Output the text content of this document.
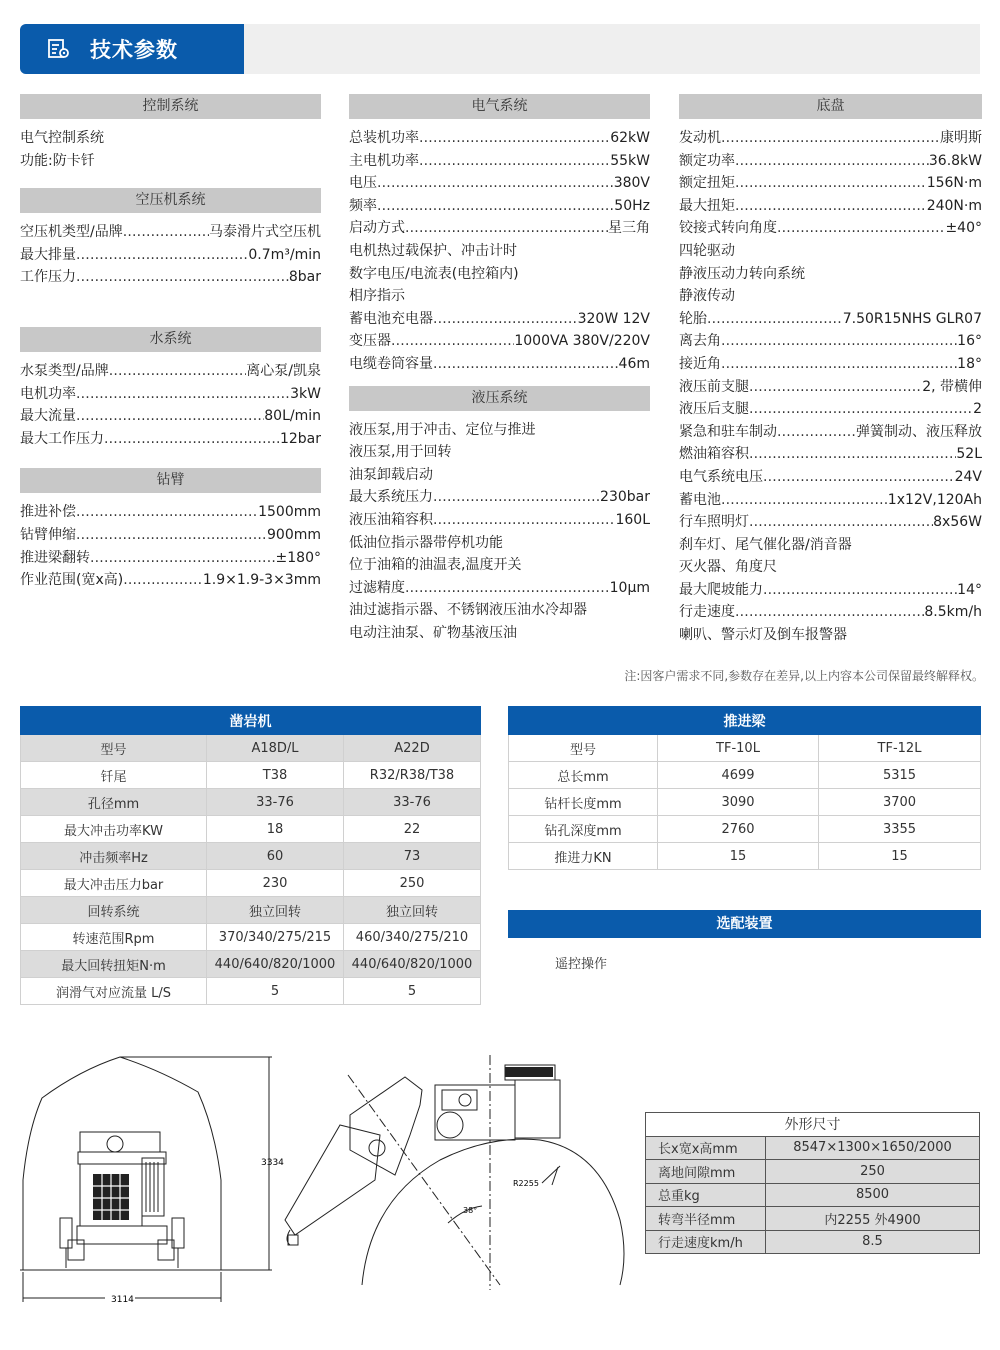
技术参数
控制系统
电气控制系统
功能:防卡钎
空压机系统
空压机类型/品牌 .....	马泰滑片式空压机
最大排量 .....	0.7m³/min
工作压力 .....	8bar
水系统
水泵类型/品牌 .....	离心泵/凯泉
电机功率 .....	3kW
最大流量 .....	80L/min
最大工作压力 .....	12bar
钻臂
推进补偿 .....	1500mm
钻臂伸缩 .....	900mm
推进梁翻转 .....	±180°
作业范围(宽x高) .....	1.9×1.9-3×3mm
电气系统
总装机功率 .....	62kW
主电机功率 .....	55kW
电压 .....	380V
频率 .....	50Hz
启动方式 .....	星三角
电机热过载保护、冲击计时
数字电压/电流表(电控箱内)
相序指示
蓄电池充电器 .....	320W 12V
变压器 .....	1000VA 380V/220V
电缆卷筒容量 .....	46m
液压系统
液压泵,用于冲击、定位与推进
液压泵,用于回转
油泵卸载启动
最大系统压力 .....	230bar
液压油箱容积 .....	160L
低油位指示器带停机功能
位于油箱的油温表,温度开关
过滤精度 .....	10μm
油过滤指示器、不锈钢液压油水冷却器
电动注油泵、矿物基液压油
底盘
发动机 .....	康明斯
额定功率 .....	36.8kW
额定扭矩 .....	156N·m
最大扭矩 .....	240N·m
铰接式转向角度 .....	±40°
四轮驱动
静液压动力转向系统
静液传动
轮胎 .....	7.50R15NHS GLR07
离去角 .....	16°
接近角 .....	18°
液压前支腿 .....	2, 带横伸
液压后支腿 .....	2
紧急和驻车制动 .....	弹簧制动、液压释放
燃油箱容积 .....	52L
电气系统电压 .....	24V
蓄电池 .....	1x12V,120Ah
行车照明灯 .....	8x56W
刹车灯、尾气催化器/消音器
灭火器、角度尺
最大爬坡能力 .....	14°
行走速度 .....	8.5km/h
喇叭、警示灯及倒车报警器
注:因客户需求不同,参数存在差异,以上内容本公司保留最终解释权。
凿岩机		
型号	A18D/L	A22D
钎尾	T38	R32/R38/T38
孔径mm	33-76	33-76
最大冲击功率KW	18	22
冲击频率Hz	60	73
最大冲击压力bar	230	250
回转系统	独立回转	独立回转
转速范围Rpm	370/340/275/215	460/340/275/210
最大回转扭矩N·m	440/640/820/1000	440/640/820/1000
润滑气对应流量 L/S	5	5
推进梁		
型号	TF-10L	TF-12L
总长mm	4699	5315
钻杆长度mm	3090	3700
钻孔深度mm	2760	3355
推进力KN	15	15
选配装置
遥控操作
3334
3114
R2255
38°
外形尺寸	
长x宽x高mm	8547×1300×1650/2000
离地间隙mm	250
总重kg	8500
转弯半径mm	内2255 外4900
行走速度km/h	8.5
